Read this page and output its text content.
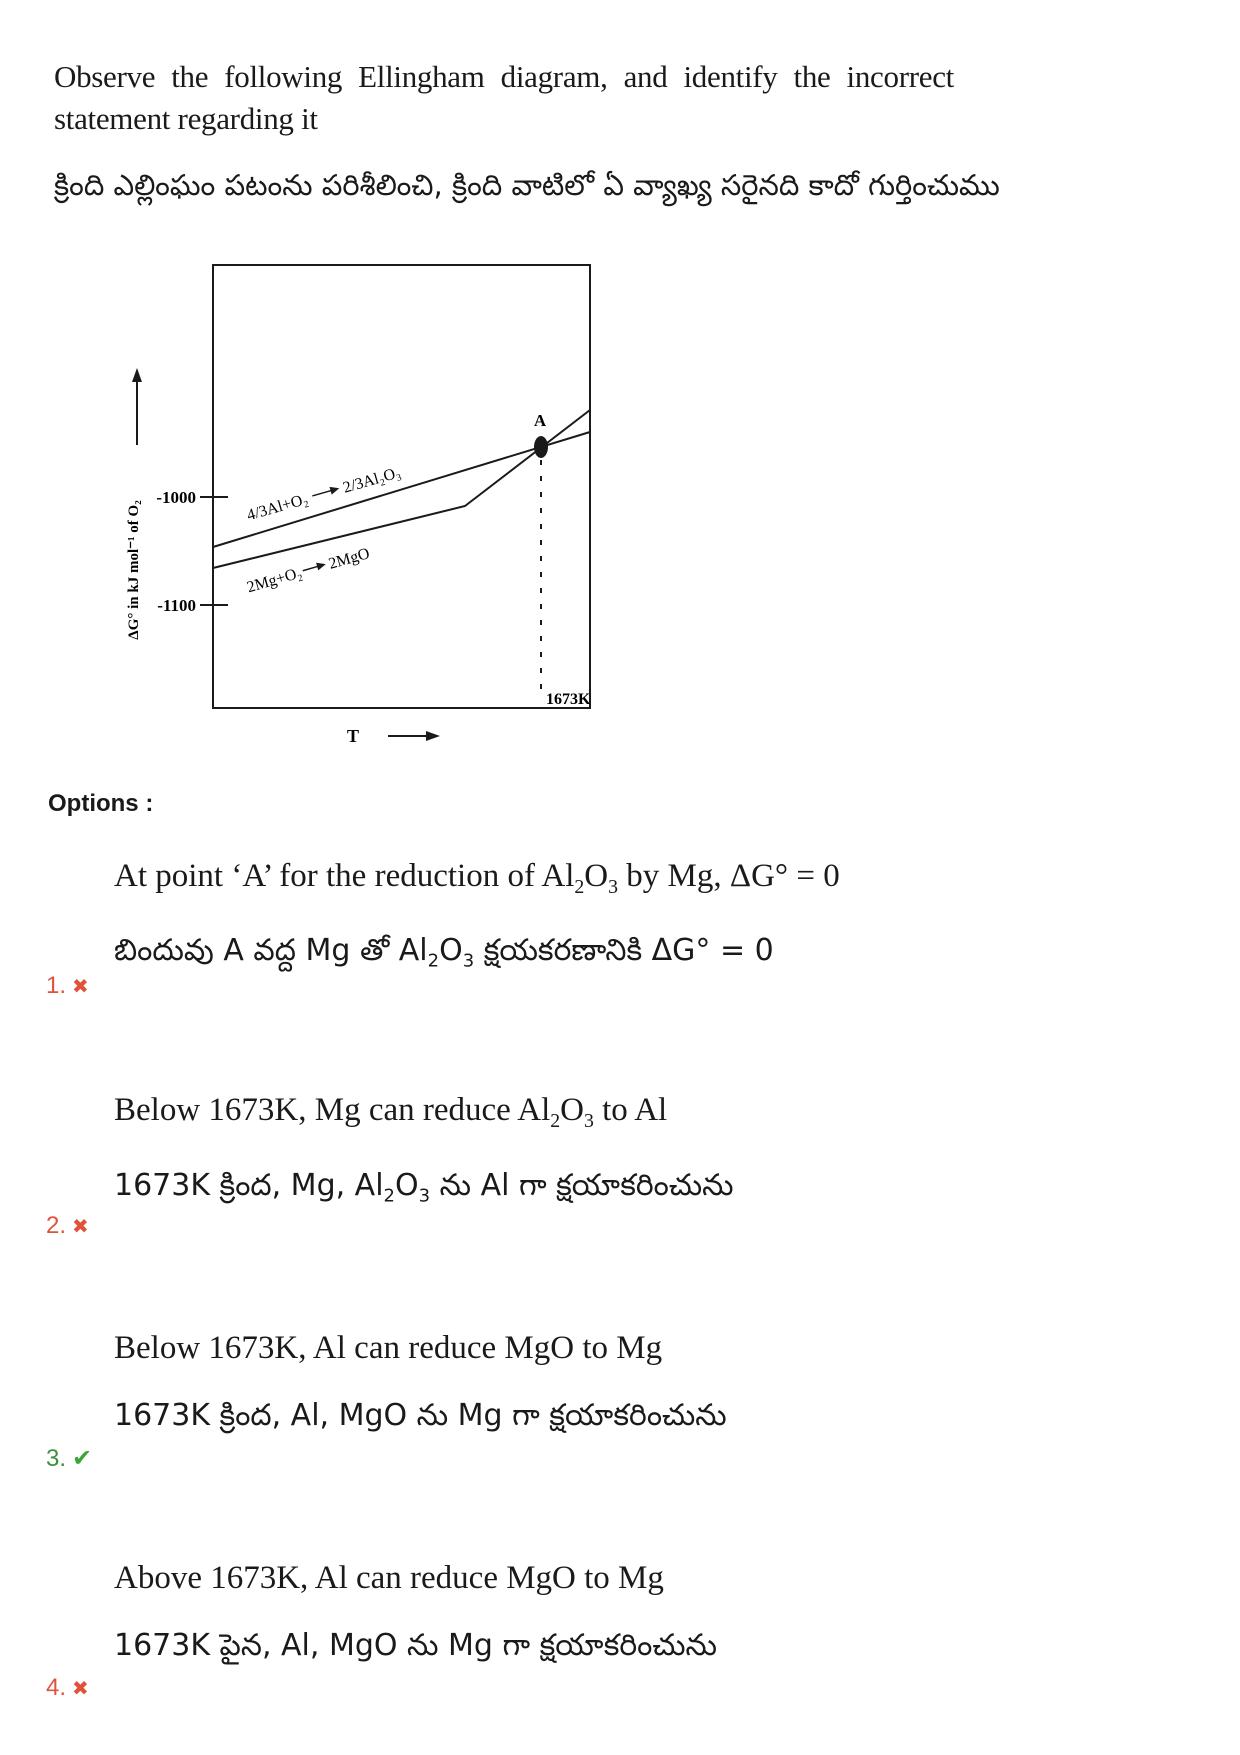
Observe the following Ellingham diagram, and identify the incorrect statement regarding it
క్రింది ఎల్లింఘం పటంను పరిశీలించి, క్రింది వాటిలో ఏ వ్యాఖ్య సరైనది కాదో గుర్తించుము
ΔG° in kJ mol⁻¹ of O₂
-1000
-1100
A
1673K
4/3Al+O₂
2/3Al₂O₃
2Mg+O₂
2MgO
T
Options :
At point ‘A’ for the reduction of $Al_2O_3$ by Mg, ΔG° = 0
బిందువు A వద్ద Mg తో $Al_2O_3$ క్షయకరణానికి ΔG° = 0
1. ✖
Below 1673K, Mg can reduce $Al_2O_3$ to Al
1673K క్రింద, Mg, $Al_2O_3$ ను Al గా క్షయాకరించును
2. ✖
Below 1673K, Al can reduce MgO to Mg
1673K క్రింద, Al, MgO ను Mg గా క్షయాకరించును
3. ✔
Above 1673K, Al can reduce MgO to Mg
1673K పైన, Al, MgO ను Mg గా క్షయాకరించును
4. ✖
